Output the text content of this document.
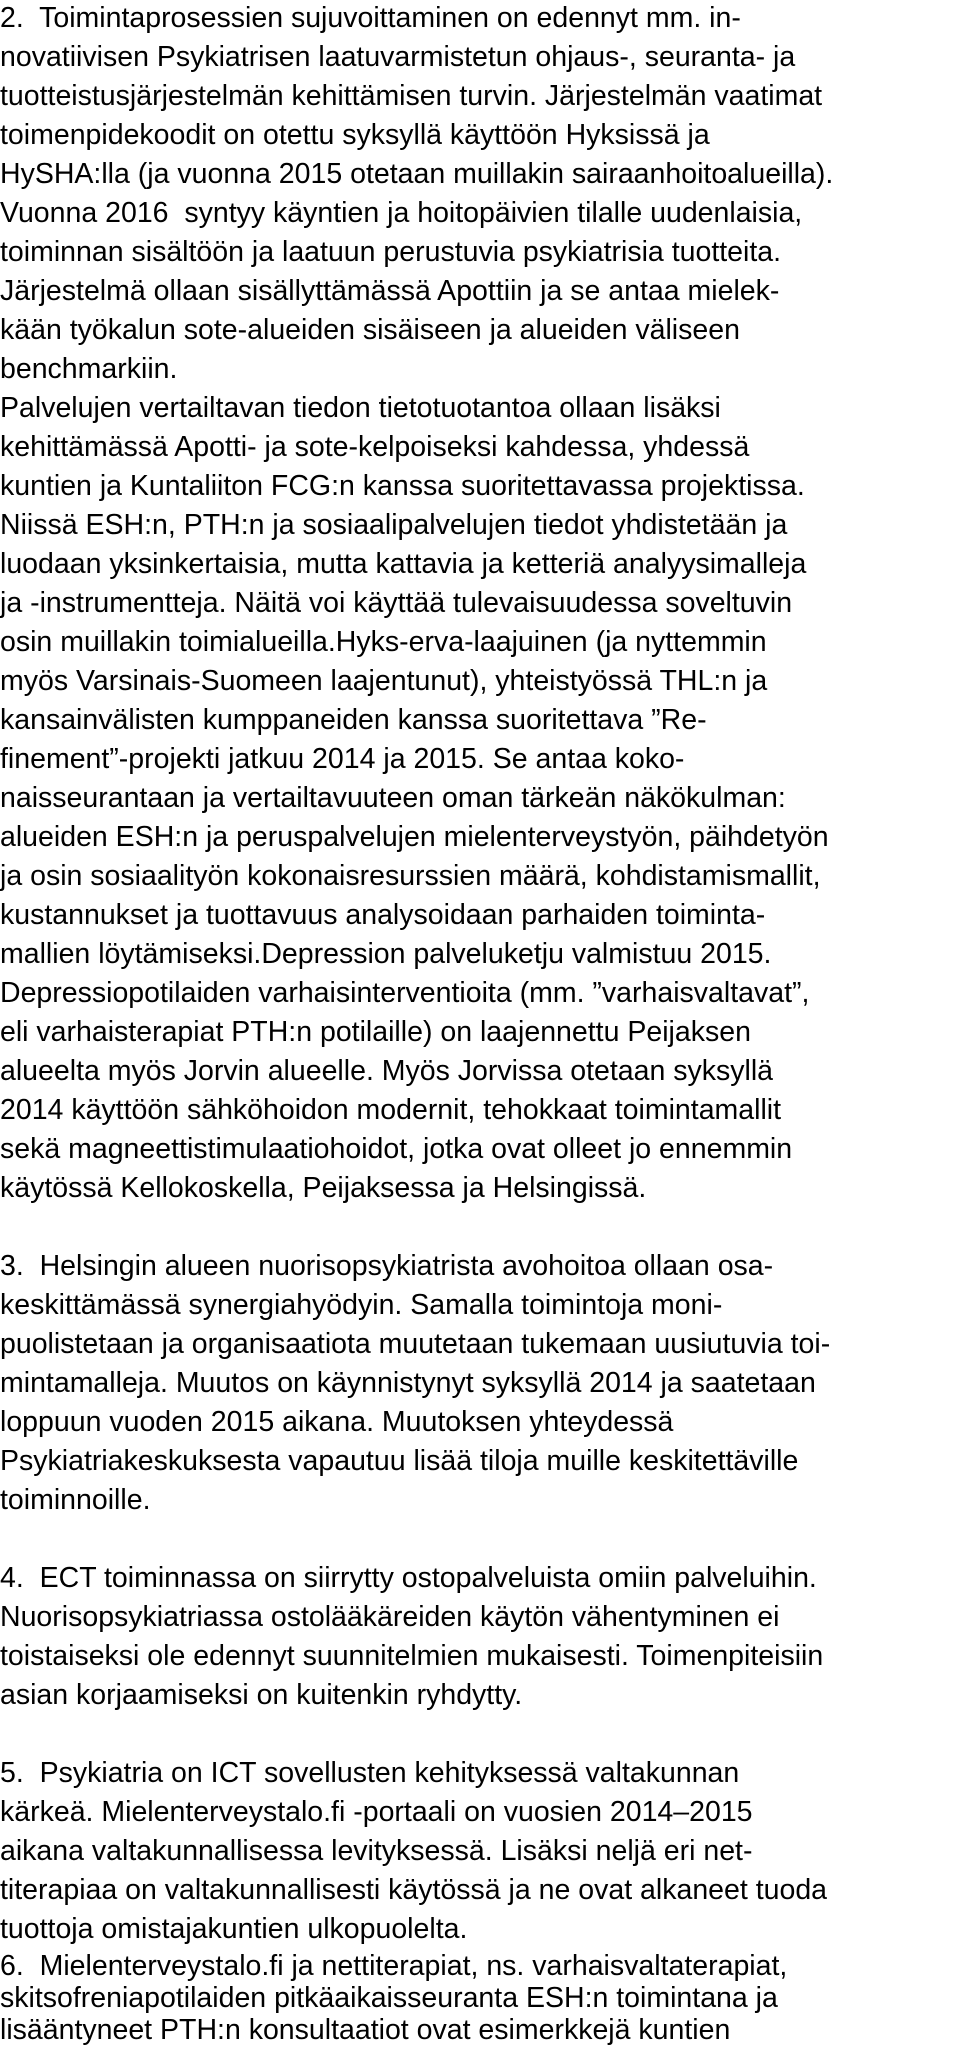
2.  Toimintaprosessien sujuvoittaminen on edennyt mm. in-

novatiivisen Psykiatrisen laatuvarmistetun ohjaus-, seuranta- ja

tuotteistusjärjestelmän kehittämisen turvin. Järjestelmän vaatimat

toimenpidekoodit on otettu syksyllä käyttöön Hyksissä ja

HySHA:lla (ja vuonna 2015 otetaan muillakin sairaanhoitoalueilla).

Vuonna 2016  syntyy käyntien ja hoitopäivien tilalle uudenlaisia,

toiminnan sisältöön ja laatuun perustuvia psykiatrisia tuotteita.

Järjestelmä ollaan sisällyttämässä Apottiin ja se antaa mielek-

kään työkalun sote-alueiden sisäiseen ja alueiden väliseen

benchmarkiin.

Palvelujen vertailtavan tiedon tietotuotantoa ollaan lisäksi

kehittämässä Apotti- ja sote-kelpoiseksi kahdessa, yhdessä

kuntien ja Kuntaliiton FCG:n kanssa suoritettavassa projektissa.

Niissä ESH:n, PTH:n ja sosiaalipalvelujen tiedot yhdistetään ja

luodaan yksinkertaisia, mutta kattavia ja ketteriä analyysimalleja

ja -instrumentteja. Näitä voi käyttää tulevaisuudessa soveltuvin

osin muillakin toimialueilla.Hyks-erva-laajuinen (ja nyttemmin

myös Varsinais-Suomeen laajentunut), yhteistyössä THL:n ja

kansainvälisten kumppaneiden kanssa suoritettava ”Re-

finement”-projekti jatkuu 2014 ja 2015. Se antaa koko-

naisseurantaan ja vertailtavuuteen oman tärkeän näkökulman:

alueiden ESH:n ja peruspalvelujen mielenterveystyön, päihdetyön

ja osin sosiaalityön kokonaisresurssien määrä, kohdistamismallit,

kustannukset ja tuottavuus analysoidaan parhaiden toiminta-

mallien löytämiseksi.Depression palveluketju valmistuu 2015.

Depressiopotilaiden varhaisinterventioita (mm. ”varhaisvaltavat”,

eli varhaisterapiat PTH:n potilaille) on laajennettu Peijaksen

alueelta myös Jorvin alueelle. Myös Jorvissa otetaan syksyllä

2014 käyttöön sähköhoidon modernit, tehokkaat toimintamallit

sekä magneettistimulaatiohoidot, jotka ovat olleet jo ennemmin

käytössä Kellokoskella, Peijaksessa ja Helsingissä.

3.  Helsingin alueen nuorisopsykiatrista avohoitoa ollaan osa-

keskittämässä synergiahyödyin. Samalla toimintoja moni-

puolistetaan ja organisaatiota muutetaan tukemaan uusiutuvia toi-

mintamalleja. Muutos on käynnistynyt syksyllä 2014 ja saatetaan

loppuun vuoden 2015 aikana. Muutoksen yhteydessä

Psykiatriakeskuksesta vapautuu lisää tiloja muille keskitettäville

toiminnoille.

4.  ECT toiminnassa on siirrytty ostopalveluista omiin palveluihin.

Nuorisopsykiatriassa ostolääkäreiden käytön vähentyminen ei

toistaiseksi ole edennyt suunnitelmien mukaisesti. Toimenpiteisiin

asian korjaamiseksi on kuitenkin ryhdytty.

5.  Psykiatria on ICT sovellusten kehityksessä valtakunnan

kärkeä. Mielenterveystalo.fi -portaali on vuosien 2014–2015

aikana valtakunnallisessa levityksessä. Lisäksi neljä eri net-

titerapiaa on valtakunnallisesti käytössä ja ne ovat alkaneet tuoda

tuottoja omistajakuntien ulkopuolelta.

6.  Mielenterveystalo.fi ja nettiterapiat, ns. varhaisvaltaterapiat,

skitsofreniapotilaiden pitkäaikaisseuranta ESH:n toimintana ja

lisääntyneet PTH:n konsultaatiot ovat esimerkkejä kuntien
